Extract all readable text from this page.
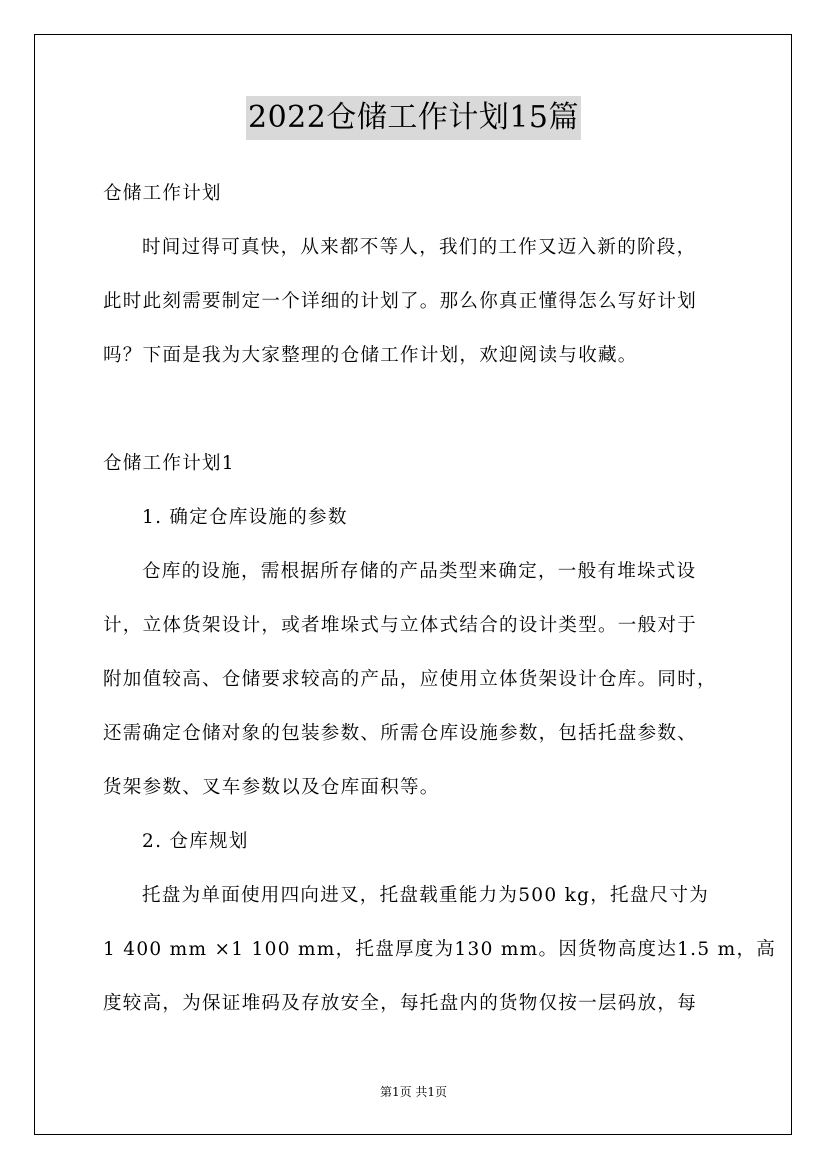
2022仓储工作计划15篇
仓储工作计划
时间过得可真快，从来都不等人，我们的工作又迈入新的阶段，
此时此刻需要制定一个详细的计划了。那么你真正懂得怎么写好计划
吗？下面是我为大家整理的仓储工作计划，欢迎阅读与收藏。
仓储工作计划1
1. 确定仓库设施的参数
仓库的设施，需根据所存储的产品类型来确定，一般有堆垛式设
计，立体货架设计，或者堆垛式与立体式结合的设计类型。一般对于
附加值较高、仓储要求较高的产品，应使用立体货架设计仓库。同时，
还需确定仓储对象的包装参数、所需仓库设施参数，包括托盘参数、
货架参数、叉车参数以及仓库面积等。
2. 仓库规划
托盘为单面使用四向进叉，托盘载重能力为500 kg，托盘尺寸为
1 400 mm ×1 100 mm，托盘厚度为130 mm。因货物高度达1.5 m，高
度较高，为保证堆码及存放安全，每托盘内的货物仅按一层码放，每
第1页 共1页
